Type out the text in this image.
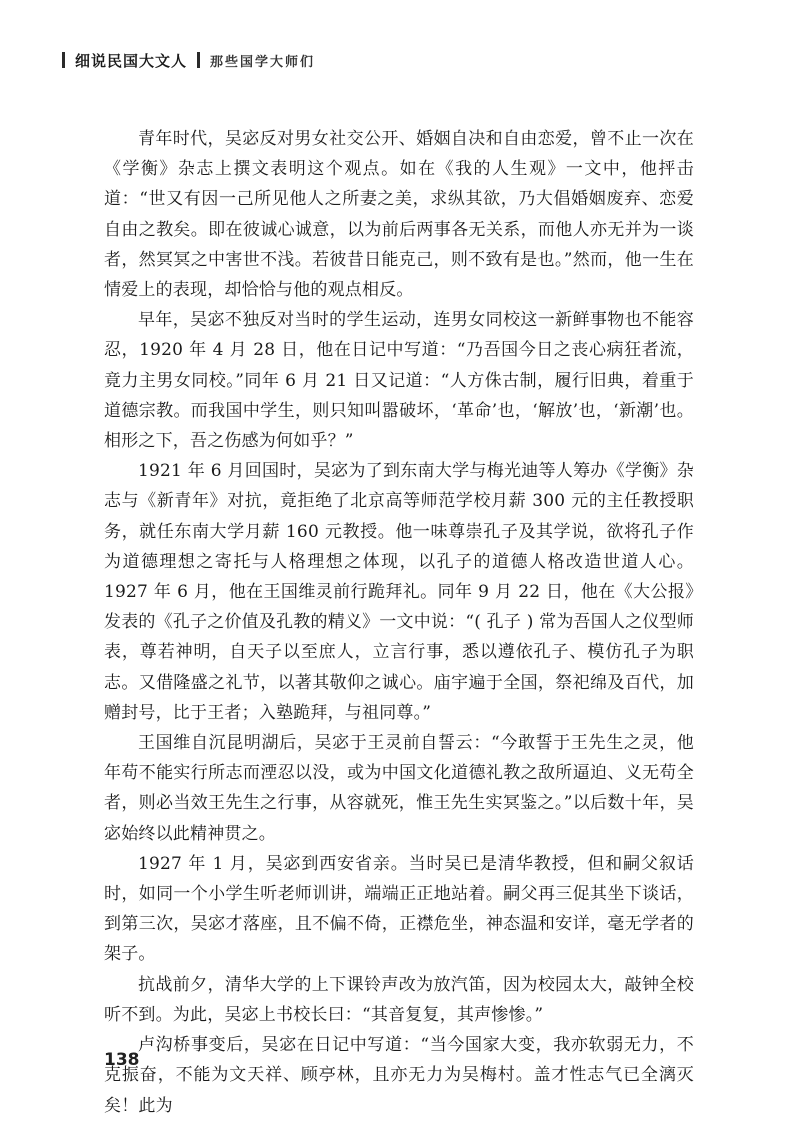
细说民国大文人 那些国学大师们

青年时代，吴宓反对男女社交公开、婚姻自决和自由恋爱，曾不止一次在《学衡》杂志上撰文表明这个观点。如在《我的人生观》一文中，他抨击道：“世又有因一己所见他人之所妻之美，求纵其欲，乃大倡婚姻废弃、恋爱自由之教矣。即在彼诚心诚意，以为前后两事各无关系，而他人亦无并为一谈者，然冥冥之中害世不浅。若彼昔日能克己，则不致有是也。”然而，他一生在情爱上的表现，却恰恰与他的观点相反。

早年，吴宓不独反对当时的学生运动，连男女同校这一新鲜事物也不能容忍，1920 年 4 月 28 日，他在日记中写道：“乃吾国今日之丧心病狂者流，竟力主男女同校。”同年 6 月 21 日又记道：“人方侏古制，履行旧典，着重于道德宗教。而我国中学生，则只知叫嚣破坏，‘革命’也，‘解放’也，‘新潮’也。相形之下，吾之伤感为何如乎？”

1921 年 6 月回国时，吴宓为了到东南大学与梅光迪等人筹办《学衡》杂志与《新青年》对抗，竟拒绝了北京高等师范学校月薪 300 元的主任教授职务，就任东南大学月薪 160 元教授。他一味尊崇孔子及其学说，欲将孔子作为道德理想之寄托与人格理想之体现，以孔子的道德人格改造世道人心。1927 年 6 月，他在王国维灵前行跪拜礼。同年 9 月 22 日，他在《大公报》发表的《孔子之价值及孔教的精义》一文中说：“( 孔子 ) 常为吾国人之仪型师表，尊若神明，自天子以至庶人，立言行事，悉以遵依孔子、模仿孔子为职志。又借隆盛之礼节，以著其敬仰之诚心。庙宇遍于全国，祭祀绵及百代，加赠封号，比于王者；入塾跪拜，与祖同尊。”

王国维自沉昆明湖后，吴宓于王灵前自誓云：“今敢誓于王先生之灵，他年苟不能实行所志而湮忍以没，或为中国文化道德礼教之敌所逼迫、义无苟全者，则必当效王先生之行事，从容就死，惟王先生实冥鉴之。”以后数十年，吴宓始终以此精神贯之。

1927 年 1 月，吴宓到西安省亲。当时吴已是清华教授，但和嗣父叙话时，如同一个小学生听老师训讲，端端正正地站着。嗣父再三促其坐下谈话，到第三次，吴宓才落座，且不偏不倚，正襟危坐，神态温和安详，毫无学者的架子。

抗战前夕，清华大学的上下课铃声改为放汽笛，因为校园太大，敲钟全校听不到。为此，吴宓上书校长曰：“其音复复，其声惨惨。”

卢沟桥事变后，吴宓在日记中写道：“当今国家大变，我亦软弱无力，不克振奋，不能为文天祥、顾亭林，且亦无力为吴梅村。盖才性志气已全漓灭矣！此为

138
